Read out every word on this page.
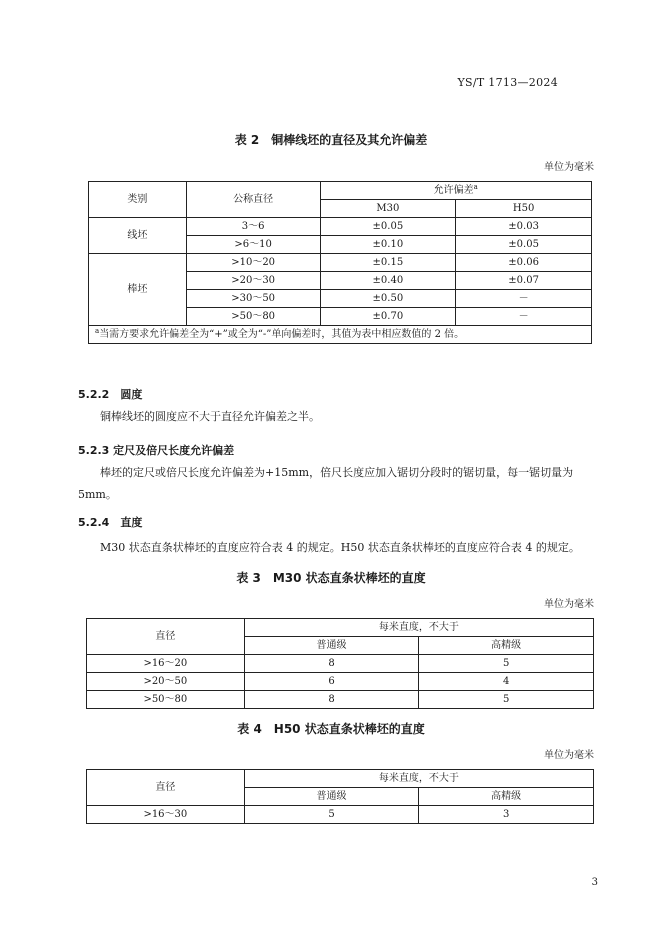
YS/T 1713—2024
表 2　铜棒线坯的直径及其允许偏差
单位为毫米
类别	公称直径	允许偏差$^a$
		M30	H50
线坯	3～6	±0.05	±0.03
	>6～10	±0.10	±0.05
棒坯	>10～20	±0.15	±0.06
	>20～30	±0.40	±0.07
	>30～50	±0.50	－
	>50～80	±0.70	－
$^a$当需方要求允许偏差全为“+”或全为“-”单向偏差时，其值为表中相应数值的 2 倍。			
5.2.2　圆度
铜棒线坯的圆度应不大于直径允许偏差之半。
5.2.3 定尺及倍尺长度允许偏差
棒坯的定尺或倍尺长度允许偏差为+15mm，倍尺长度应加入锯切分段时的锯切量，每一锯切量为 5mm。
5.2.4　直度
M30 状态直条状棒坯的直度应符合表 4 的规定。H50 状态直条状棒坯的直度应符合表 4 的规定。
表 3　M30 状态直条状棒坯的直度
单位为毫米
直径	每米直度，不大于	
	普通级	高精级
>16～20	8	5
>20～50	6	4
>50～80	8	5
表 4　H50 状态直条状棒坯的直度
单位为毫米
直径	每米直度，不大于	
	普通级	高精级
>16～30	5	3
3
